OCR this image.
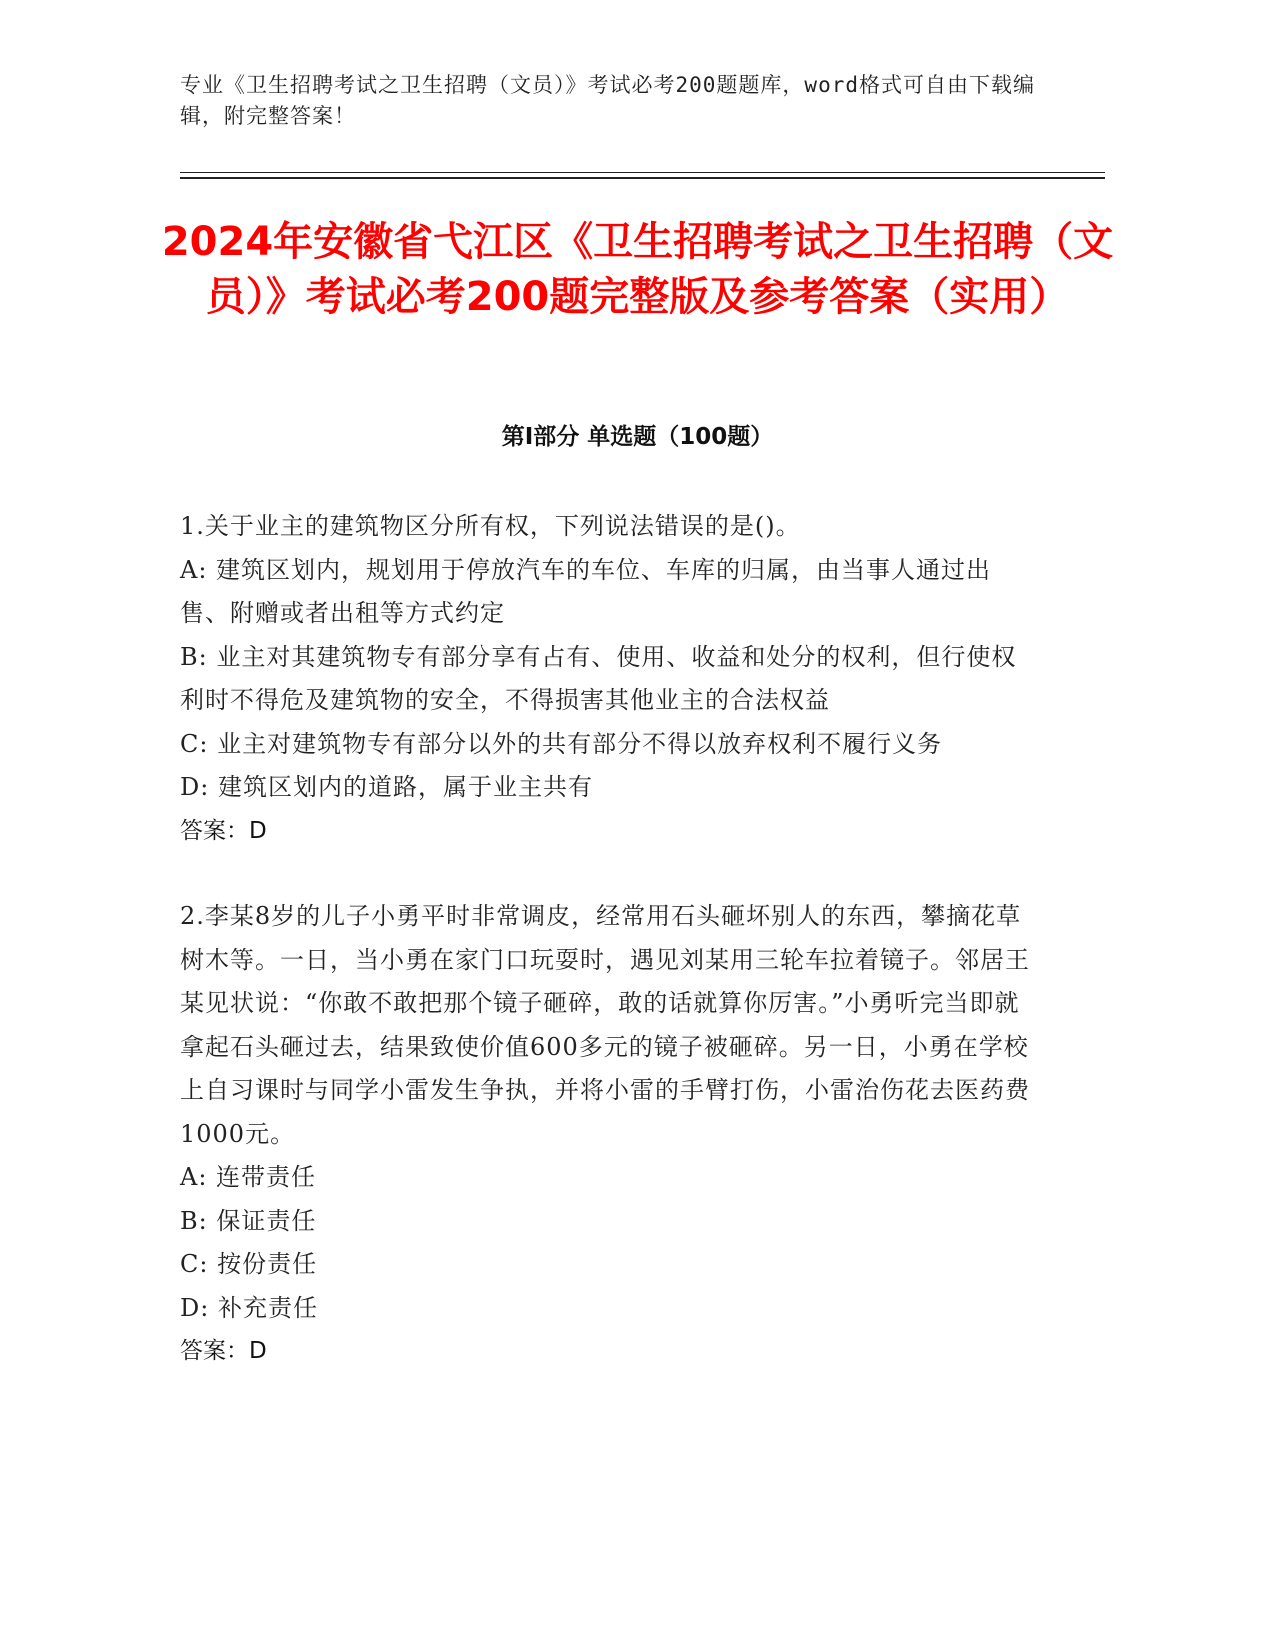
专业《卫生招聘考试之卫生招聘（文员）》考试必考200题题库，word格式可自由下载编辑，附完整答案！
2024年安徽省弋江区《卫生招聘考试之卫生招聘（文员）》考试必考200题完整版及参考答案（实用）
第I部分 单选题（100题）

1.关于业主的建筑物区分所有权，下列说法错误的是()。

A: 建筑区划内，规划用于停放汽车的车位、车库的归属，由当事人通过出售、附赠或者出租等方式约定

B: 业主对其建筑物专有部分享有占有、使用、收益和处分的权利，但行使权利时不得危及建筑物的安全，不得损害其他业主的合法权益

C: 业主对建筑物专有部分以外的共有部分不得以放弃权利不履行义务

D: 建筑区划内的道路，属于业主共有

答案：D

2.李某8岁的儿子小勇平时非常调皮，经常用石头砸坏别人的东西，攀摘花草树木等。一日，当小勇在家门口玩耍时，遇见刘某用三轮车拉着镜子。邻居王某见状说：“你敢不敢把那个镜子砸碎，敢的话就算你厉害。”小勇听完当即就拿起石头砸过去，结果致使价值600多元的镜子被砸碎。另一日，小勇在学校上自习课时与同学小雷发生争执，并将小雷的手臂打伤，小雷治伤花去医药费1000元。

A: 连带责任

B: 保证责任

C: 按份责任

D: 补充责任

答案：D
